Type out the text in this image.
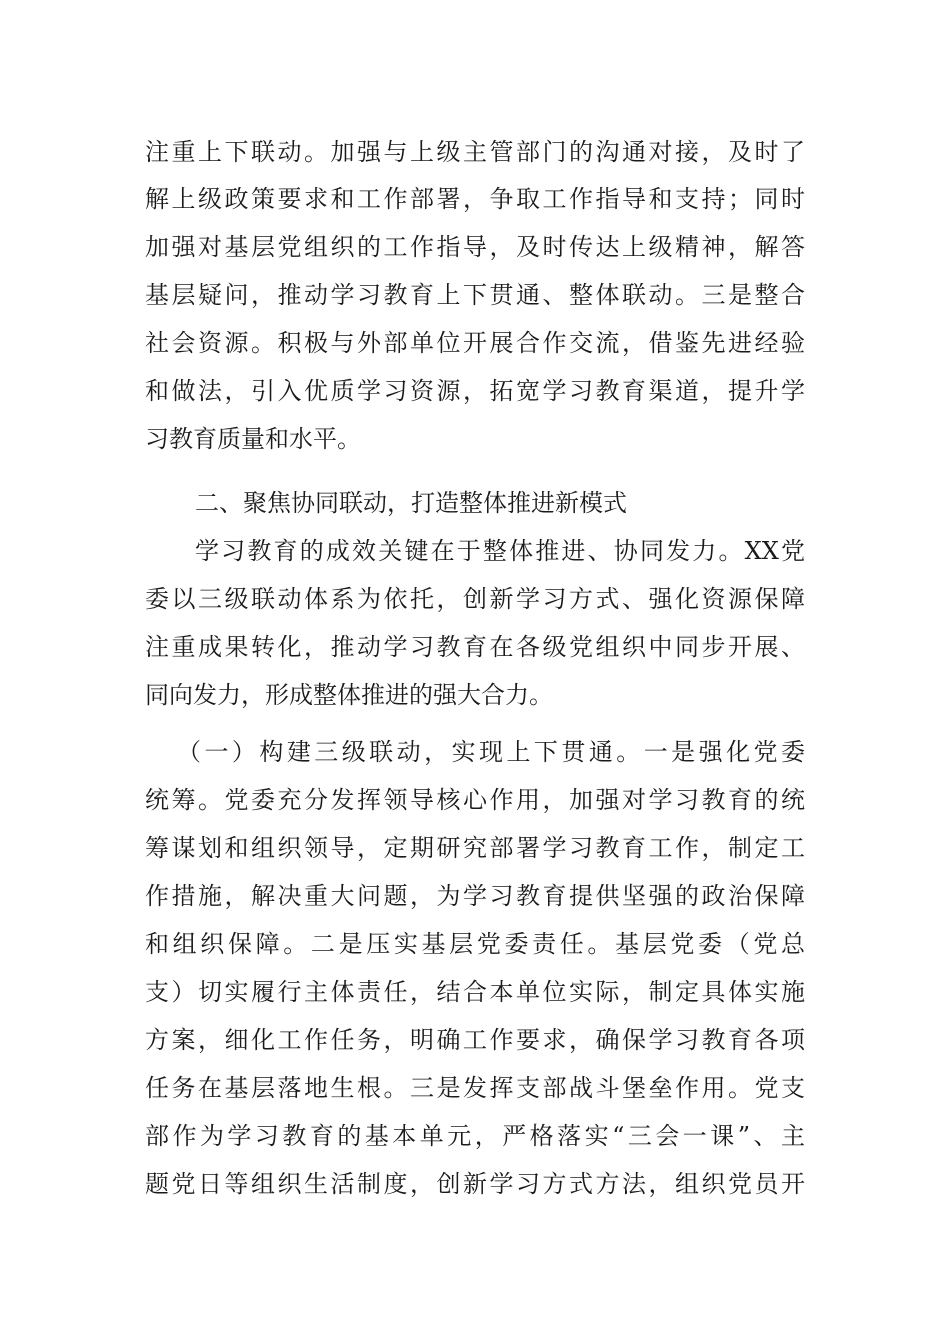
注重上下联动。加强与上级主管部门的沟通对接，及时了
解上级政策要求和工作部署，争取工作指导和支持；同时
加强对基层党组织的工作指导，及时传达上级精神，解答
基层疑问，推动学习教育上下贯通、整体联动。三是整合
社会资源。积极与外部单位开展合作交流，借鉴先进经验
和做法，引入优质学习资源，拓宽学习教育渠道，提升学
习教育质量和水平。
二、聚焦协同联动，打造整体推进新模式
学习教育的成效关键在于整体推进、协同发力。XX党
委以三级联动体系为依托，创新学习方式、强化资源保障
注重成果转化，推动学习教育在各级党组织中同步开展、
同向发力，形成整体推进的强大合力。
（一）构建三级联动，实现上下贯通。一是强化党委
统筹。党委充分发挥领导核心作用，加强对学习教育的统
筹谋划和组织领导，定期研究部署学习教育工作，制定工
作措施，解决重大问题，为学习教育提供坚强的政治保障
和组织保障。二是压实基层党委责任。基层党委（党总
支）切实履行主体责任，结合本单位实际，制定具体实施
方案，细化工作任务，明确工作要求，确保学习教育各项
任务在基层落地生根。三是发挥支部战斗堡垒作用。党支
部作为学习教育的基本单元，严格落实“三会一课”、主
题党日等组织生活制度，创新学习方式方法，组织党员开
